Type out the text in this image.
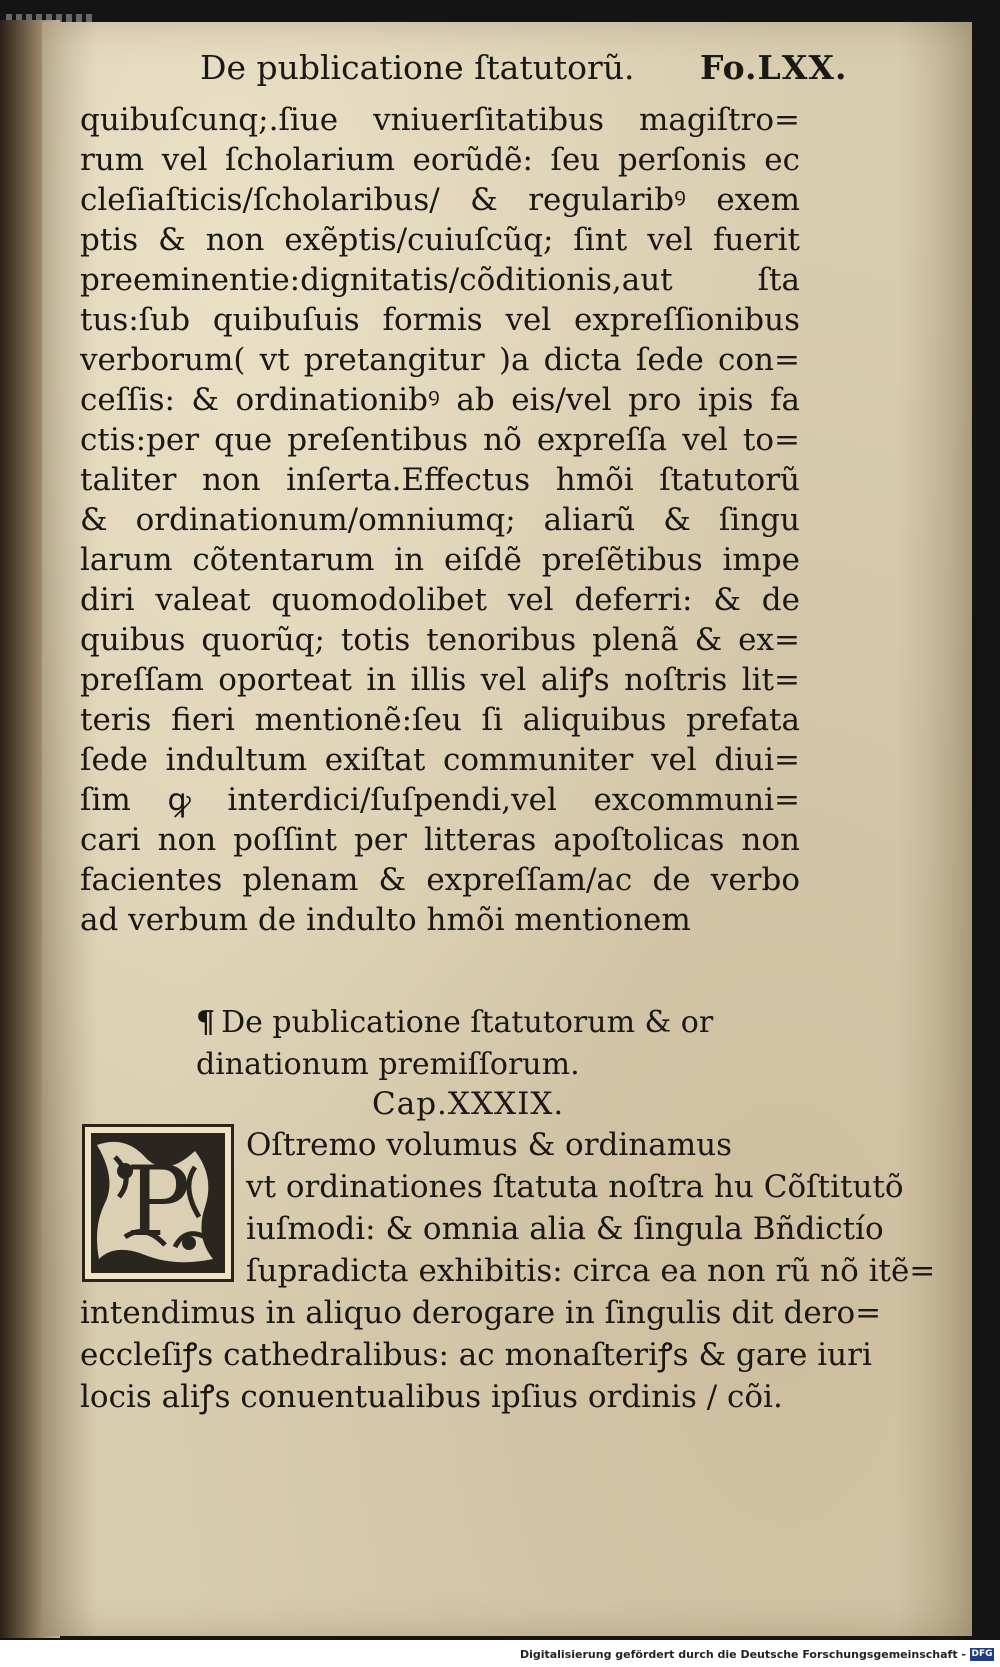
De publicatione ſtatutorũ. Fo.LXX.
quibuſcunq;.ſiue vniuerſitatibus magiſtro=
rum vel ſcholarium eorũdẽ: ſeu perſonis ec
cleſiaſticis/ſcholaribus/ & regularibꝰ exem
ptis & non exẽptis/cuiuſcũq; ſint vel fuerit
preeminentie:dignitatis/cõditionis,aut ſta
tus:ſub quibuſuis formis vel expreſſionibus
verborum( vt pretangitur )a dicta ſede con=
ceſſis: & ordinationibꝰ ab eis/vel pro ipis fa
ctis:per que preſentibus nõ expreſſa vel to=
taliter non inſerta.Effectus hmõi ſtatutorũ
& ordinationum/omniumq; aliarũ & ſingu
larum cõtentarum in eiſdẽ preſẽtibus impe
diri valeat quomodolibet vel deferri: & de
quibus quorũq; totis tenoribus plenã & ex=
preſſam oporteat in illis vel aliꝭs noſtris lit=
teris fieri mentionẽ:ſeu ſi aliquibus prefata
ſede indultum exiſtat communiter vel diui=
ſim ꝙ interdici/ſuſpendi,vel excommuni=
cari non poſſint per litteras apoſtolicas non
facientes plenam & expreſſam/ac de verbo
ad verbum de indulto hmõi mentionem
¶ De publicatione ſtatutorum & or
dinationum premiſſorum.
Cap.XXXIX.
P
Oſtremo volumus & ordinamus
vt ordinationes ſtatuta noſtra hu Cõſtitutõ
iuſmodi: & omnia alia & ſingula Bñdictío
ſupradicta exhibitis: circa ea non rũ nõ itẽ=
intendimus in aliquo derogare in ſingulis dit dero=
eccleſiꝭs cathedralibus: ac monaſteriꝭs & gare iuri
locis aliꝭs conuentualibus ipſius ordinis / cõi.
Digitalisierung gefördert durch die Deutsche Forschungsgemeinschaft - DFG
